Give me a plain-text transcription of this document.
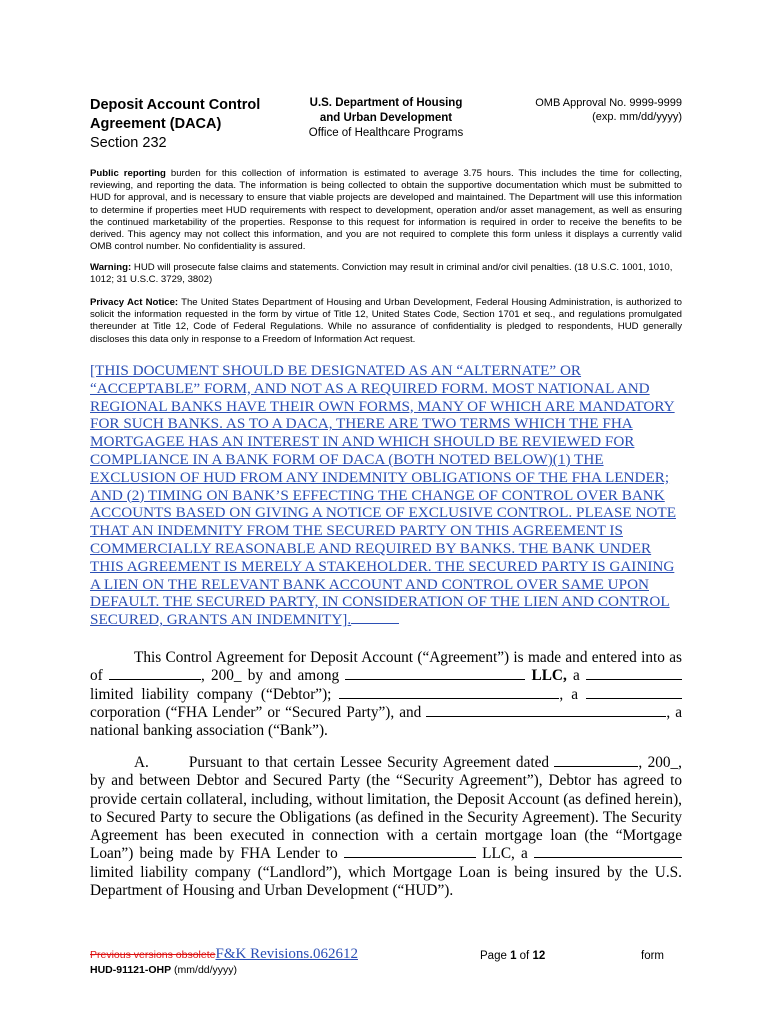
Deposit Account Control
Agreement (DACA)
Section 232
U.S. Department of Housing
and Urban Development
Office of Healthcare Programs
OMB Approval No. 9999-9999
(exp. mm/dd/yyyy)
Public reporting burden for this collection of information is estimated to average 3.75 hours. This includes the time for collecting, reviewing, and reporting the data. The information is being collected to obtain the supportive documentation which must be submitted to HUD for approval, and is necessary to ensure that viable projects are developed and maintained. The Department will use this information to determine if properties meet HUD requirements with respect to development, operation and/or asset management, as well as ensuring the continued marketability of the properties. Response to this request for information is required in order to receive the benefits to be derived. This agency may not collect this information, and you are not required to complete this form unless it displays a currently valid OMB control number. No confidentiality is assured.
Warning: HUD will prosecute false claims and statements. Conviction may result in criminal and/or civil penalties. (18 U.S.C. 1001, 1010, 1012; 31 U.S.C. 3729, 3802)
Privacy Act Notice: The United States Department of Housing and Urban Development, Federal Housing Administration, is authorized to solicit the information requested in the form by virtue of Title 12, United States Code, Section 1701 et seq., and regulations promulgated thereunder at Title 12, Code of Federal Regulations. While no assurance of confidentiality is pledged to respondents, HUD generally discloses this data only in response to a Freedom of Information Act request.
[THIS DOCUMENT SHOULD BE DESIGNATED AS AN “ALTERNATE” OR “ACCEPTABLE” FORM, AND NOT AS A REQUIRED FORM. MOST NATIONAL AND REGIONAL BANKS HAVE THEIR OWN FORMS, MANY OF WHICH ARE MANDATORY FOR SUCH BANKS. AS TO A DACA, THERE ARE TWO TERMS WHICH THE FHA MORTGAGEE HAS AN INTEREST IN AND WHICH SHOULD BE REVIEWED FOR COMPLIANCE IN A BANK FORM OF DACA (BOTH NOTED BELOW)(1) THE EXCLUSION OF HUD FROM ANY INDEMNITY OBLIGATIONS OF THE FHA LENDER; AND (2) TIMING ON BANK’S EFFECTING THE CHANGE OF CONTROL OVER BANK ACCOUNTS BASED ON GIVING A NOTICE OF EXCLUSIVE CONTROL. PLEASE NOTE THAT AN INDEMNITY FROM THE SECURED PARTY ON THIS AGREEMENT IS COMMERCIALLY REASONABLE AND REQUIRED BY BANKS. THE BANK UNDER THIS AGREEMENT IS MERELY A STAKEHOLDER. THE SECURED PARTY IS GAINING A LIEN ON THE RELEVANT BANK ACCOUNT AND CONTROL OVER SAME UPON DEFAULT. THE SECURED PARTY, IN CONSIDERATION OF THE LIEN AND CONTROL SECURED, GRANTS AN INDEMNITY].
This Control Agreement for Deposit Account (“Agreement”) is made and entered into as of	, 200_ by and among	LLC, a  limited liability company (“Debtor”);	, a  corporation (“FHA Lender” or “Secured Party”), and	, a national banking association (“Bank”).
A.	Pursuant to that certain Lessee Security Agreement dated	, 200_, by and between Debtor and Secured Party (the “Security Agreement”), Debtor has agreed to provide certain collateral, including, without limitation, the Deposit Account (as defined herein), to Secured Party to secure the Obligations (as defined in the Security Agreement). The Security Agreement has been executed in connection with a certain mortgage loan (the “Mortgage Loan”) being made by FHA Lender to	LLC, a  limited liability company (“Landlord”), which Mortgage Loan is being insured by the U.S. Department of Housing and Urban Development (“HUD”).
Previous versions obsoleteF&K Revisions.062612
HUD-91121-OHP (mm/dd/yyyy)
Page 1 of 12	form
